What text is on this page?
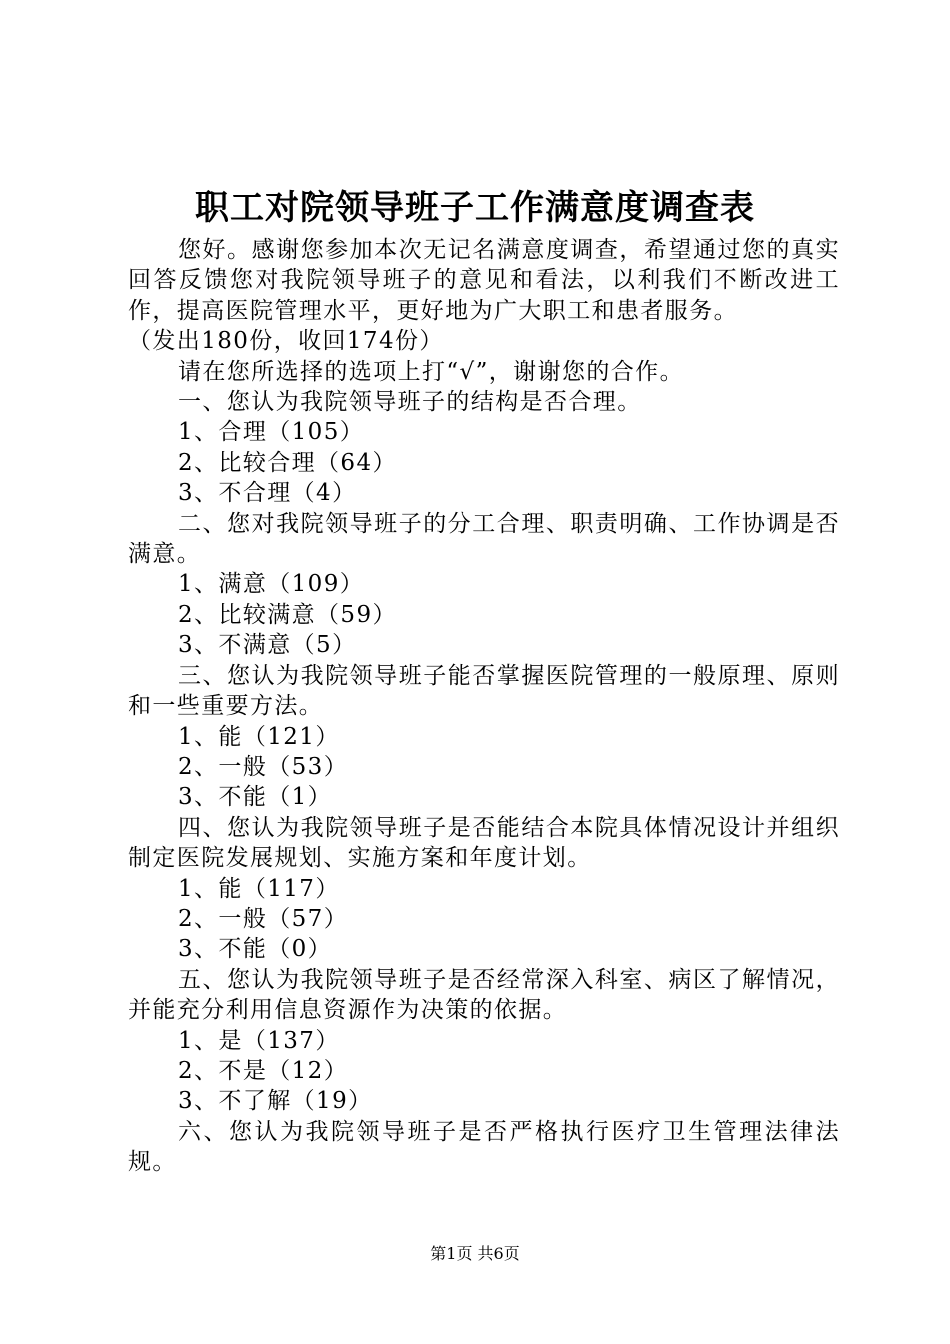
职工对院领导班子工作满意度调查表

您好。感谢您参加本次无记名满意度调查，希望通过您的真实回答反馈您对我院领导班子的意见和看法，以利我们不断改进工作，提高医院管理水平，更好地为广大职工和患者服务。

（发出180份，收回174份）

请在您所选择的选项上打“√”，谢谢您的合作。

一、您认为我院领导班子的结构是否合理。

1、合理（105）

2、比较合理（64）

3、不合理（4）

二、您对我院领导班子的分工合理、职责明确、工作协调是否满意。

1、满意（109）

2、比较满意（59）

3、不满意（5）

三、您认为我院领导班子能否掌握医院管理的一般原理、原则和一些重要方法。

1、能（121）

2、一般（53）

3、不能（1）

四、您认为我院领导班子是否能结合本院具体情况设计并组织制定医院发展规划、实施方案和年度计划。

1、能（117）

2、一般（57）

3、不能（0）

五、您认为我院领导班子是否经常深入科室、病区了解情况，并能充分利用信息资源作为决策的依据。

1、是（137）

2、不是（12）

3、不了解（19）

六、您认为我院领导班子是否严格执行医疗卫生管理法律法规。

第1页 共6页
